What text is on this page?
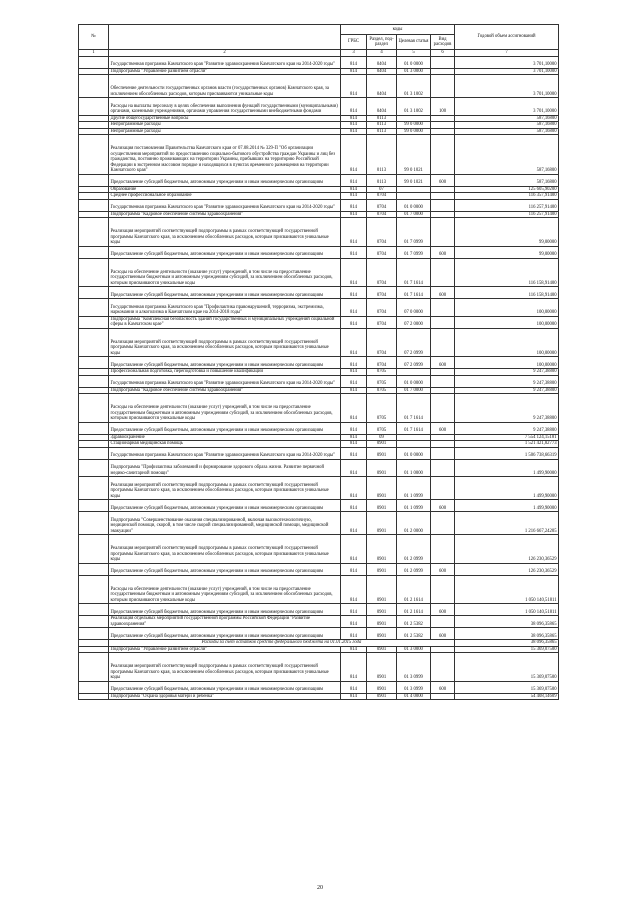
№		коды				Годовой объем ассигнований
		ГРБС	Раздел, под-раздел	Целевая статья	Вид расходов	
1	2	3	4	5	6	7
	Государственная программа Камчатского края "Развитие здравоохранения Камчатского края на 2014-2020 годы"	814	0404	01 0 0000		3 701,10000
	Подпрограмма "Управление развитием отрасли"	814	0404	01 3 0000		3 701,10000
	Обеспечение деятельности государственных органов власти (государственных органов) Камчатского края, за исключением обособленных расходов, которым присваиваются уникальные коды	814	0404	01 3 1002		3 701,10000
	Расходы на выплаты персоналу в целях обеспечения выполнения функций государственными (муниципальными) органами, казенными учреждениями, органами управления государственными внебюджетными фондами	814	0404	01 3 1002	100	3 701,10000
	Другие общегосударственные вопросы	814	0113			587,16800
	Непрограммные расходы	814	0113	99 0 0000		587,16800
	Непрограммные расходы	814	0113	99 0 0000		587,16800
	Реализация постановления Правительства Камчатского края от 07.08.2014 № 329-П "Об организации осуществления мероприятий по предоставлению социально-бытового обустройства граждан Украины и лиц без гражданства, постоянно проживающих на территории Украины, прибывших на территорию Российской Федерации в экстренном массовом порядке и находящихся в пунктах временного размещения на территории Камчатского края"	814	0113	99 0 1021		587,16800
	Предоставление субсидий бюджетным, автономным учреждениям и иным некоммерческим организациям	814	0113	99 0 1021	600	587,16800
	Образование	814	07			125 605,90200
	Среднее профессиональное образование	814	0704			116 357,91400
	Государственная программа Камчатского края "Развитие здравоохранения Камчатского края на 2014-2020 годы"	814	0704	01 0 0000		116 257,91400
	Подпрограмма "Кадровое обеспечение системы здравоохранения"	814	0704	01 7 0000		116 257,91400
	Реализация мероприятий соответствующей подпрограммы в рамках соответствующей государственной программы Камчатского края, за исключением обособленных расходов, которым присваиваются уникальные коды	814	0704	01 7 0999		99,00000
	Предоставление субсидий бюджетным, автономным учреждениям и иным некоммерческим организациям	814	0704	01 7 0999	600	99,00000
	Расходы на обеспечение деятельности (оказание услуг) учреждений, в том числе на предоставление государственным бюджетным и автономным учреждениям субсидий, за исключением обособленных расходов, которым присваиваются уникальные коды	814	0704	01 7 1614		116 158,91400
	Предоставление субсидий бюджетным, автономным учреждениям и иным некоммерческим организациям	814	0704	01 7 1614	600	116 158,91400
	Государственная программа Камчатского края "Профилактика правонарушений, терроризма, экстремизма, наркомании и алкоголизма в Камчатском крае на 2014-2018 годы"	814	0704	07 0 0000		100,00000
	Подпрограмма "Комплексная безопасность зданий государственных и муниципальных учреждений социальной сферы в Камчатском крае"	814	0704	07 2 0000		100,00000
	Реализация мероприятий соответствующей подпрограммы в рамках соответствующей государственной программы Камчатского края, за исключением обособленных расходов, которым присваиваются уникальные коды	814	0704	07 2 0999		100,00000
	Предоставление субсидий бюджетным, автономным учреждениям и иным некоммерческим организациям	814	0704	07 2 0999	600	100,00000
	Профессиональная подготовка, переподготовка и повышение квалификации	814	0705			9 247,38800
	Государственная программа Камчатского края "Развитие здравоохранения Камчатского края на 2014-2020 годы"	814	0705	01 0 0000		9 247,38800
	Подпрограмма "Кадровое обеспечение системы здравоохранения"	814	0705	01 7 0000		9 247,38800
	Расходы на обеспечение деятельности (оказание услуг) учреждений, в том числе на предоставление государственным бюджетным и автономным учреждениям субсидий, за исключением обособленных расходов, которым присваиваются уникальные коды	814	0705	01 7 1614		9 247,38800
	Предоставление субсидий бюджетным, автономным учреждениям и иным некоммерческим организациям	814	0705	01 7 1614	600	9 247,38800
	Здравоохранение	814	09			7 554 124,15181
	Стационарная медицинская помощь	814	0901			1 521 421,82773
	Государственная программа Камчатского края "Развитие здравоохранения Камчатского края на 2014-2020 годы"	814	0901	01 0 0000		1 506 738,66319
	Подпрограмма "Профилактика заболеваний и формирование здорового образа жизни. Развитие первичной медико-санитарной помощи"	814	0901	01 1 0000		1 499,90000
	Реализация мероприятий соответствующей подпрограммы в рамках соответствующей государственной программы Камчатского края, за исключением обособленных расходов, которым присваиваются уникальные коды	814	0901	01 1 0999		1 499,90000
	Предоставление субсидий бюджетным, автономным учреждениям и иным некоммерческим организациям	814	0901	01 1 0999	600	1 499,90000
	Подпрограмма "Совершенствование оказания специализированной, включая высокотехнологичную, медицинской помощи, скорой, в том числе скорой специализированной, медицинской помощи, медицинской эвакуации"	814	0901	01 2 0000		1 216 667,24205
	Реализация мероприятий соответствующей подпрограммы в рамках соответствующей государственной программы Камчатского края, за исключением обособленных расходов, которым присваиваются уникальные коды	814	0901	01 2 0999		126 230,36529
	Предоставление субсидий бюджетным, автономным учреждениям и иным некоммерческим организациям	814	0901	01 2 0999	600	126 230,36529
	Расходы на обеспечение деятельности (оказание услуг) учреждений, в том числе на предоставление государственным бюджетным и автономным учреждениям субсидий, за исключением обособленных расходов, которым присваиваются уникальные коды	814	0901	01 2 1614		1 050 140,51811
	Предоставление субсидий бюджетным, автономным учреждениям и иным некоммерческим организациям	814	0901	01 2 1614	600	1 050 140,51811
	Реализация отдельных мероприятий государственной программы Российской Федерации "Развитие здравоохранения"	814	0901	01 2 5382		38 096,35865
	Предоставление субсидий бюджетным, автономным учреждениям и иным некоммерческим организациям	814	0901	01 2 5382	600	38 096,35865
	Расходы за счет остатков средств федерального бюджета на 01.01.2015 года					38 096,35865
	Подпрограмма "Управление развитием отрасли"	814	0901	01 3 0000		15 369,07500
	Реализация мероприятий соответствующей подпрограммы в рамках соответствующей государственной программы Камчатского края, за исключением обособленных расходов, которым присваиваются уникальные коды	814	0901	01 3 0999		15 369,07500
	Предоставление субсидий бюджетным, автономным учреждениям и иным некоммерческим организациям	814	0901	01 3 0999	600	15 369,07500
	Подпрограмма "Охрана здоровья матери и ребенка"	814	0901	01 4 0000		54 408,14609
20
